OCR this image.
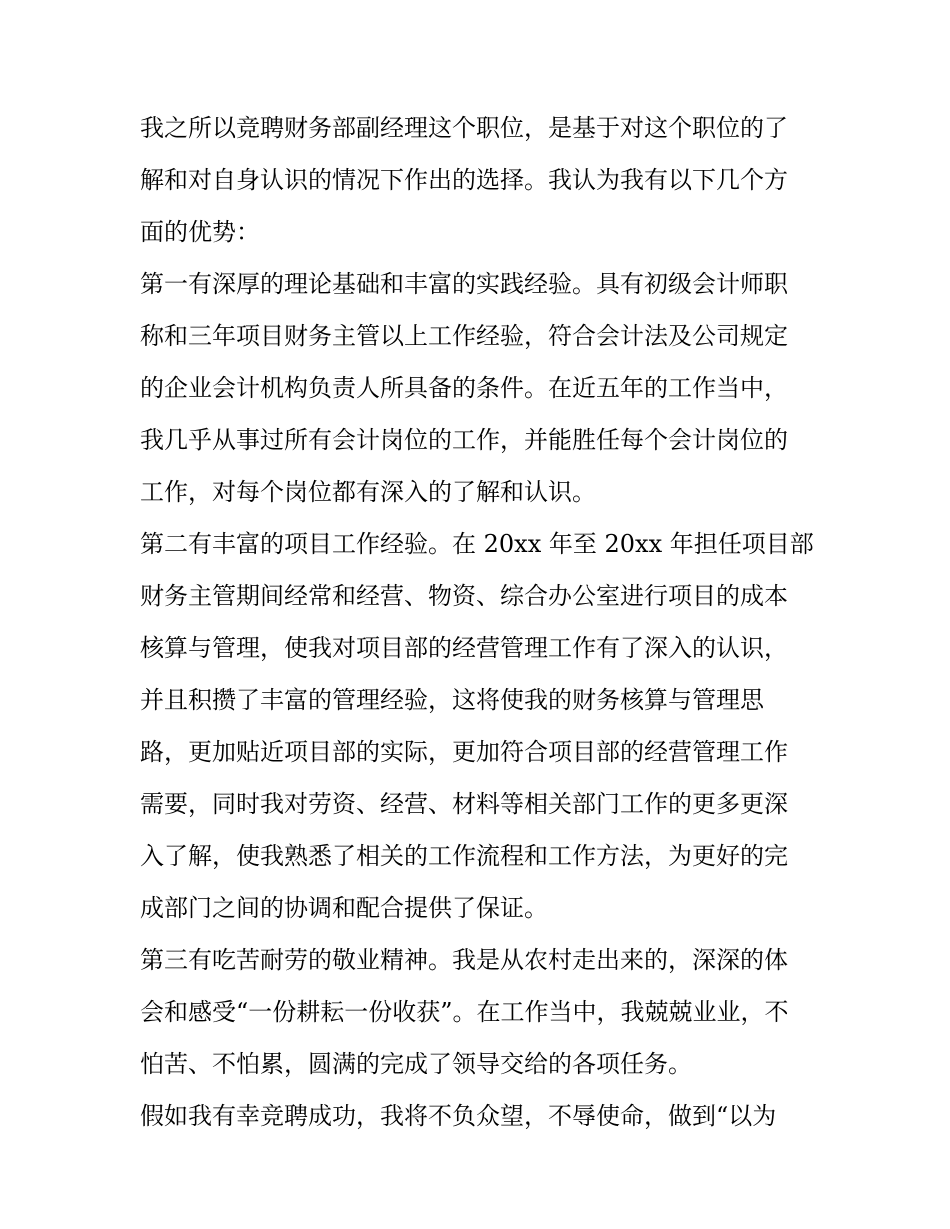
我之所以竞聘财务部副经理这个职位，是基于对这个职位的了
解和对自身认识的情况下作出的选择。我认为我有以下几个方
面的优势：
第一有深厚的理论基础和丰富的实践经验。具有初级会计师职
称和三年项目财务主管以上工作经验，符合会计法及公司规定
的企业会计机构负责人所具备的条件。在近五年的工作当中，
我几乎从事过所有会计岗位的工作，并能胜任每个会计岗位的
工作，对每个岗位都有深入的了解和认识。
第二有丰富的项目工作经验。在 20xx 年至 20xx 年担任项目部
财务主管期间经常和经营、物资、综合办公室进行项目的成本
核算与管理，使我对项目部的经营管理工作有了深入的认识，
并且积攒了丰富的管理经验，这将使我的财务核算与管理思
路，更加贴近项目部的实际，更加符合项目部的经营管理工作
需要，同时我对劳资、经营、材料等相关部门工作的更多更深
入了解，使我熟悉了相关的工作流程和工作方法，为更好的完
成部门之间的协调和配合提供了保证。
第三有吃苦耐劳的敬业精神。我是从农村走出来的，深深的体
会和感受“一份耕耘一份收获”。在工作当中，我兢兢业业，不
怕苦、不怕累，圆满的完成了领导交给的各项任务。
假如我有幸竞聘成功，我将不负众望，不辱使命，做到“以为
